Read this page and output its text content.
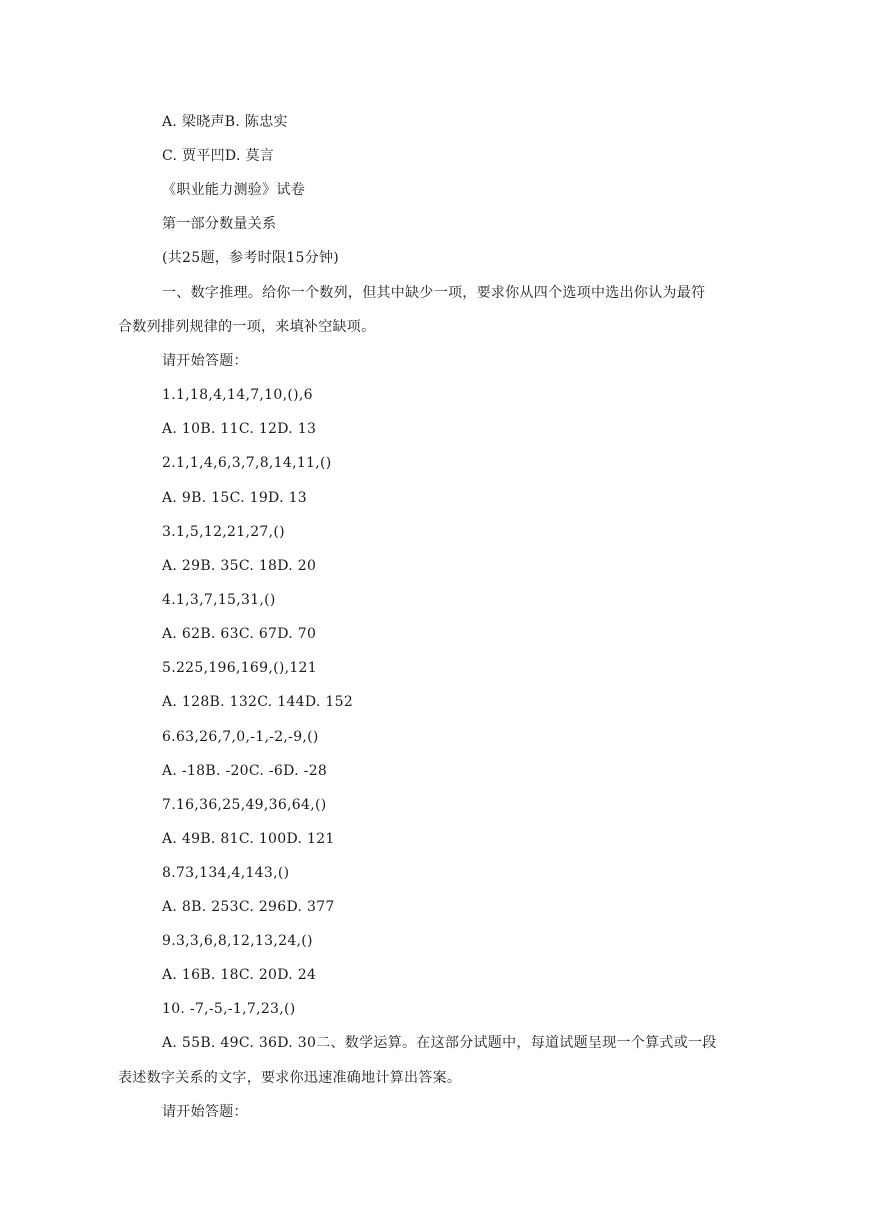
A. 梁晓声B. 陈忠实

C. 贾平凹D. 莫言

《职业能力测验》试卷

第一部分数量关系

(共25题，参考时限15分钟)

一、数字推理。给你一个数列，但其中缺少一项，要求你从四个选项中选出你认为最符

合数列排列规律的一项，来填补空缺项。

请开始答题：

1.1,18,4,14,7,10,(),6

A. 10B. 11C. 12D. 13

2.1,1,4,6,3,7,8,14,11,()

A. 9B. 15C. 19D. 13

3.1,5,12,21,27,()

A. 29B. 35C. 18D. 20

4.1,3,7,15,31,()

A. 62B. 63C. 67D. 70

5.225,196,169,(),121

A. 128B. 132C. 144D. 152

6.63,26,7,0,-1,-2,-9,()

A. -18B. -20C. -6D. -28

7.16,36,25,49,36,64,()

A. 49B. 81C. 100D. 121

8.73,134,4,143,()

A. 8B. 253C. 296D. 377

9.3,3,6,8,12,13,24,()

A. 16B. 18C. 20D. 24

10. -7,-5,-1,7,23,()

A. 55B. 49C. 36D. 30二、数学运算。在这部分试题中，每道试题呈现一个算式或一段

表述数字关系的文字，要求你迅速准确地计算出答案。

请开始答题：
